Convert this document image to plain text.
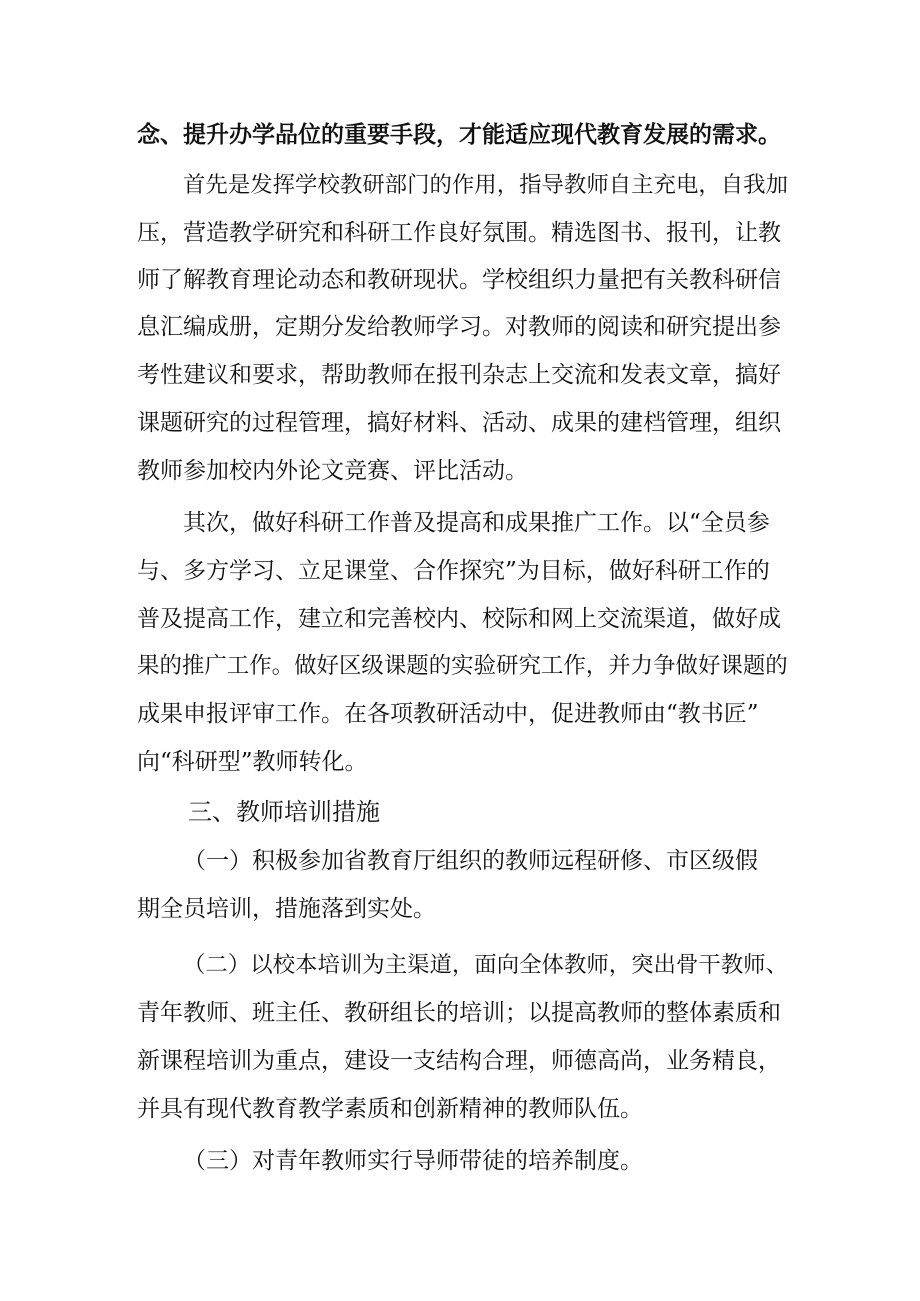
念、提升办学品位的重要手段，才能适应现代教育发展的需求。
首先是发挥学校教研部门的作用，指导教师自主充电，自我加
压，营造教学研究和科研工作良好氛围。精选图书、报刊，让教
师了解教育理论动态和教研现状。学校组织力量把有关教科研信
息汇编成册，定期分发给教师学习。对教师的阅读和研究提出参
考性建议和要求，帮助教师在报刊杂志上交流和发表文章，搞好
课题研究的过程管理，搞好材料、活动、成果的建档管理，组织
教师参加校内外论文竞赛、评比活动。
其次，做好科研工作普及提高和成果推广工作。以“全员参
与、多方学习、立足课堂、合作探究”为目标，做好科研工作的
普及提高工作，建立和完善校内、校际和网上交流渠道，做好成
果的推广工作。做好区级课题的实验研究工作，并力争做好课题的
成果申报评审工作。在各项教研活动中，促进教师由“教书匠”
向“科研型”教师转化。
三、教师培训措施
（一）积极参加省教育厅组织的教师远程研修、市区级假
期全员培训，措施落到实处。
（二）以校本培训为主渠道，面向全体教师，突出骨干教师、
青年教师、班主任、教研组长的培训；以提高教师的整体素质和
新课程培训为重点，建设一支结构合理，师德高尚，业务精良，
并具有现代教育教学素质和创新精神的教师队伍。
（三）对青年教师实行导师带徒的培养制度。
